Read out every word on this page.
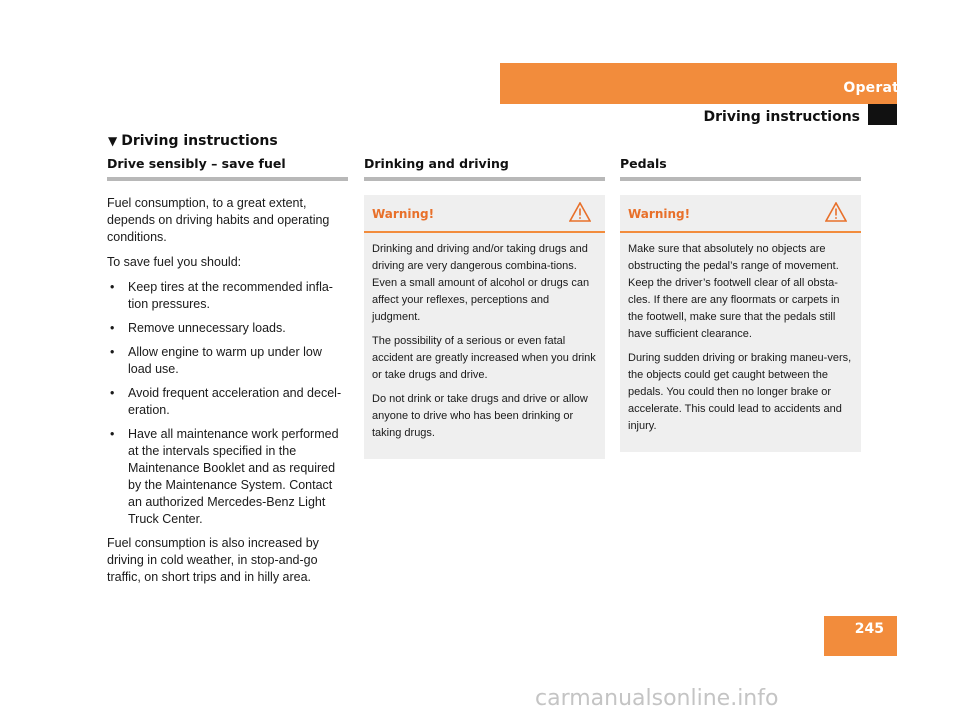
Operation
Driving instructions
▼ Driving instructions
Drive sensibly – save fuel

Fuel consumption, to a great extent, depends on driving habits and operating conditions.

To save fuel you should:

• Keep tires at the recommended infla-tion pressures.
• Remove unnecessary loads.
• Allow engine to warm up under low load use.
• Avoid frequent acceleration and decel-eration.
• Have all maintenance work performed at the intervals specified in the Maintenance Booklet and as required by the Maintenance System. Contact an authorized Mercedes-Benz Light Truck Center.

Fuel consumption is also increased by driving in cold weather, in stop-and-go traffic, on short trips and in hilly area.

Drinking and driving
Warning!

Drinking and driving and/or taking drugs and driving are very dangerous combina-tions. Even a small amount of alcohol or drugs can affect your reflexes, perceptions and judgment.

The possibility of a serious or even fatal accident are greatly increased when you drink or take drugs and drive.

Do not drink or take drugs and drive or allow anyone to drive who has been drinking or taking drugs.

Pedals
Warning!

Make sure that absolutely no objects are obstructing the pedal’s range of movement. Keep the driver’s footwell clear of all obsta-cles. If there are any floormats or carpets in the footwell, make sure that the pedals still have sufficient clearance.

During sudden driving or braking maneu-vers, the objects could get caught between the pedals. You could then no longer brake or accelerate. This could lead to accidents and injury.

245
carmanualsonline.info
